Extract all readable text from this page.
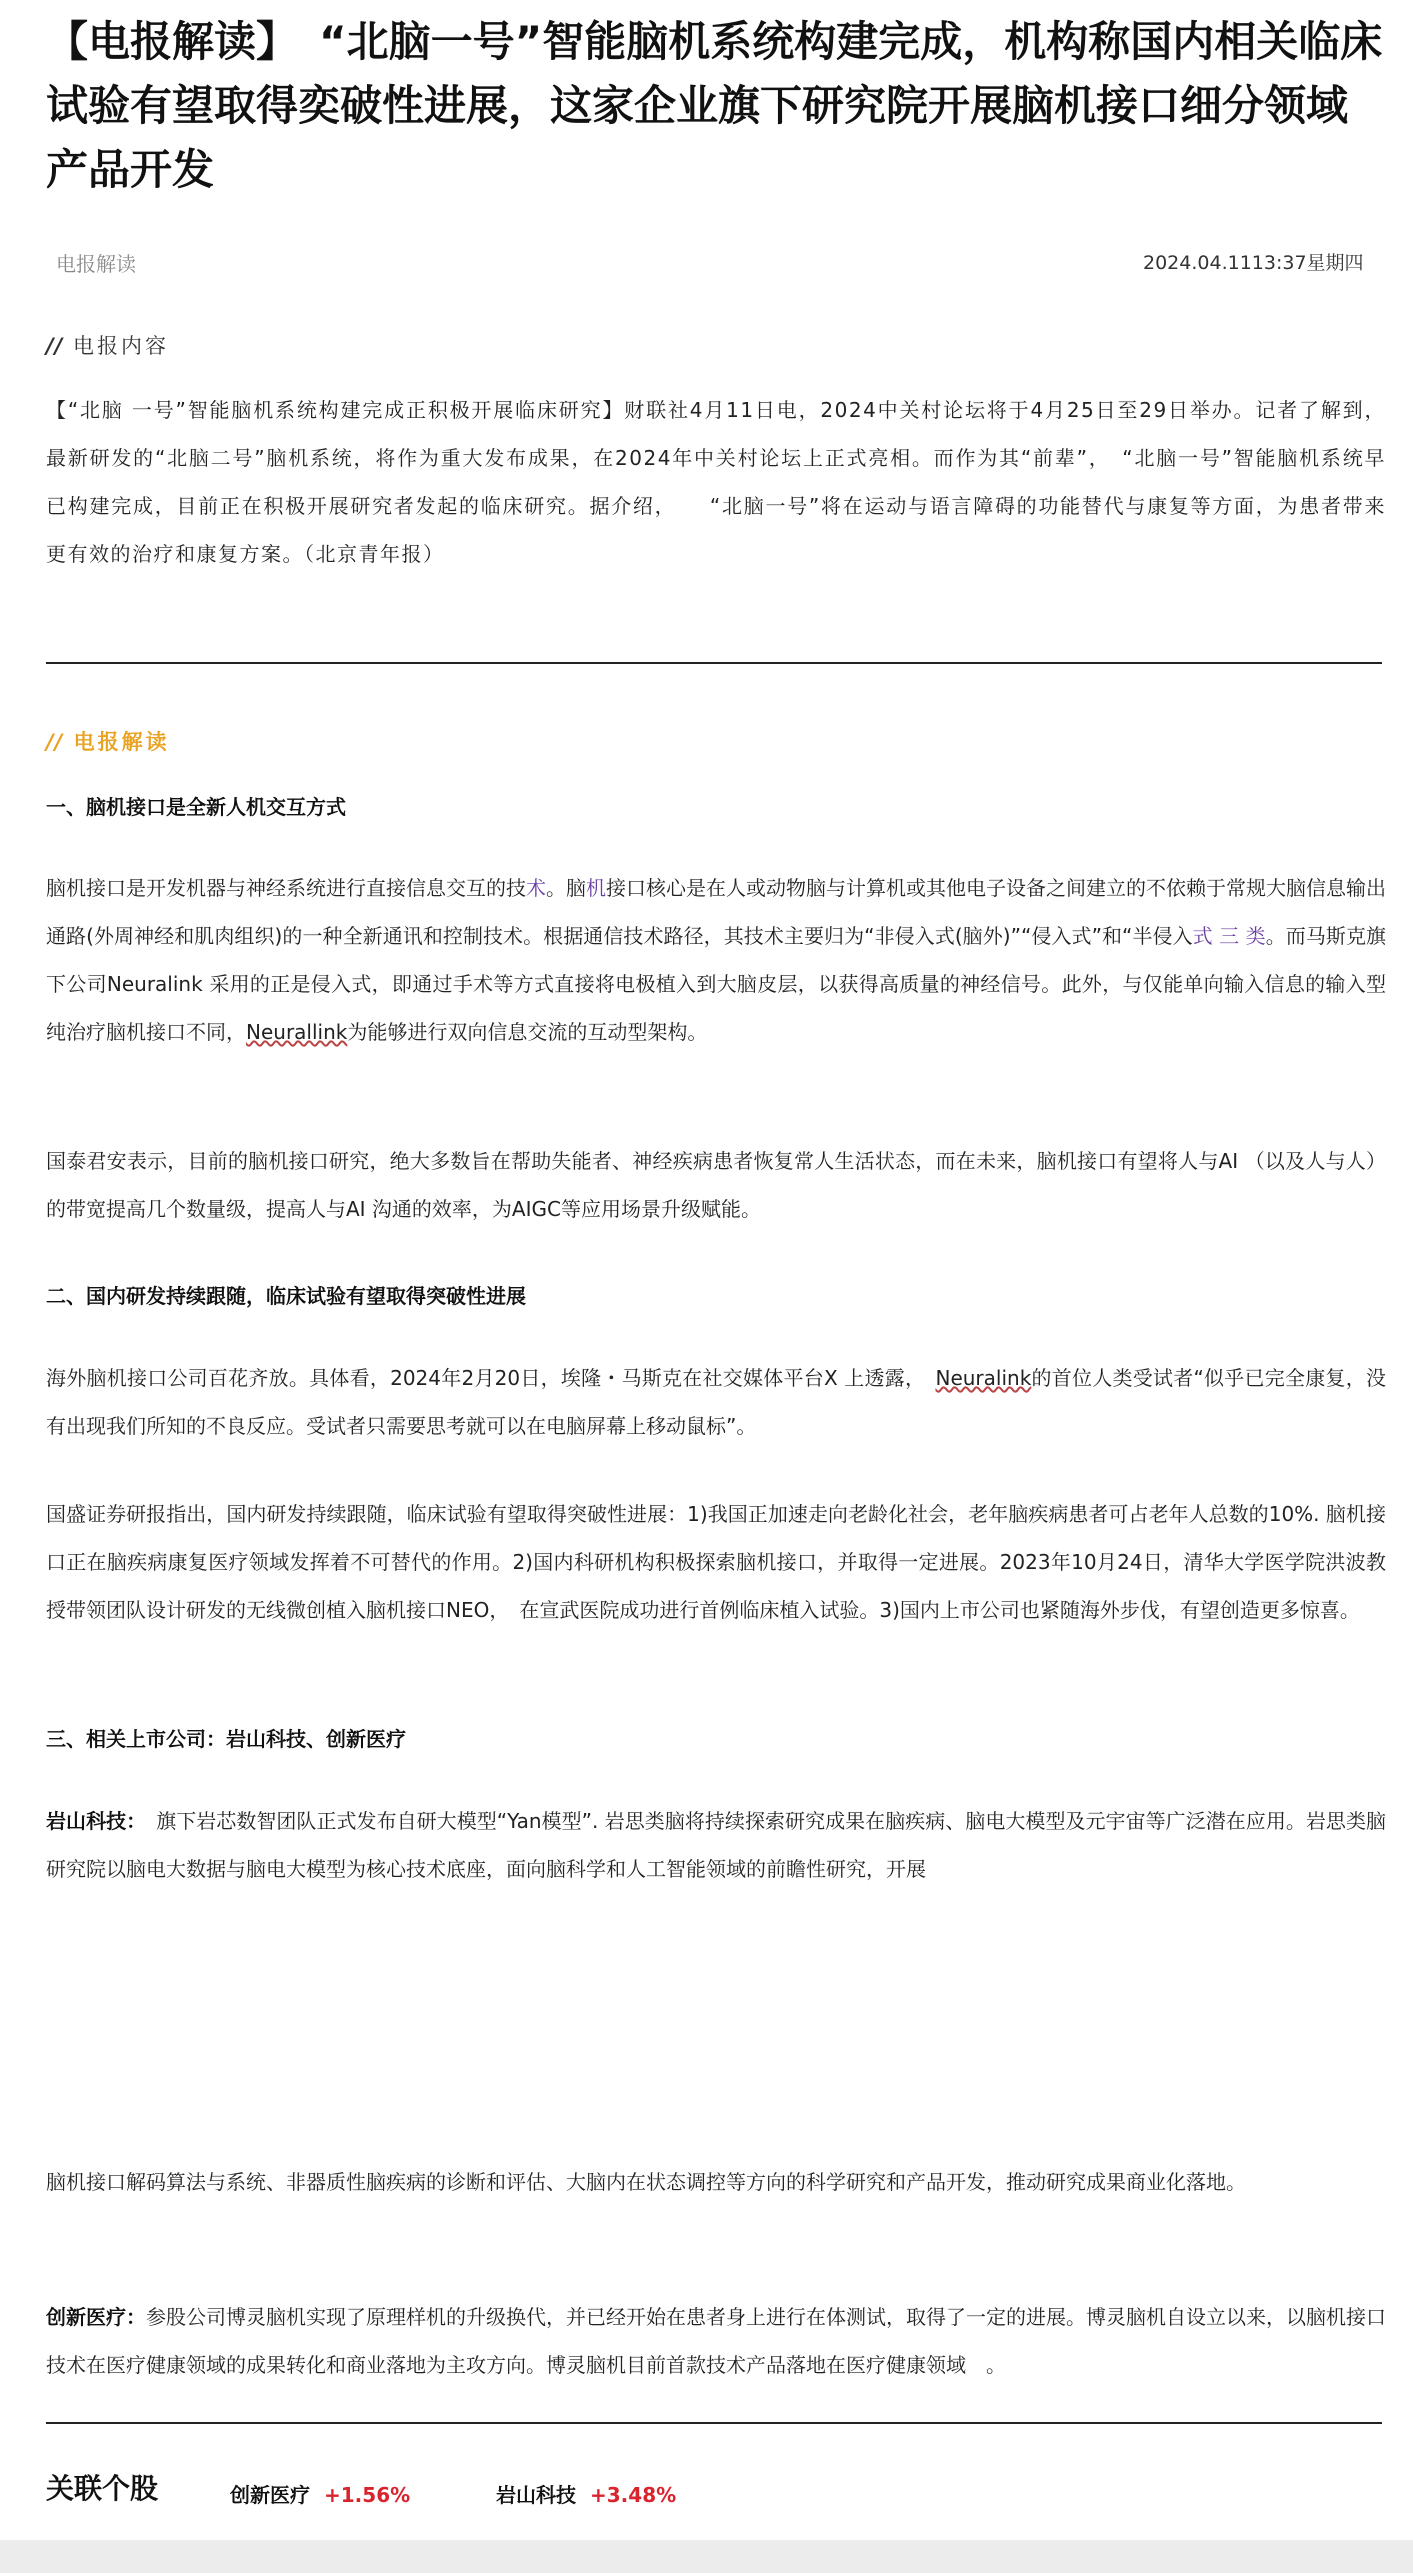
【电报解读】　“北脑一号”智能脑机系统构建完成，机构称国内相关临床试验有望取得奕破性进展，这家企业旗下研究院开展脑机接口细分领域产品开发
电报解读	2024.04.1113:37星期四
// 电报内容
【“北脑 一号”智能脑机系统构建完成正积极开展临床研究】财联社4月11日电，2024中关村论坛将于4月25日至29日举办。记者了解到，最新研发的“北脑二号”脑机系统，将作为重大发布成果，在2024年中关村论坛上正式亮相。而作为其“前辈”，　“北脑一号”智能脑机系统早已构建完成，目前正在积极开展研究者发起的临床研究。据介绍，　　“北脑一号”将在运动与语言障碍的功能替代与康复等方面，为患者带来更有效的治疗和康复方案。（北京青年报）
// 电报解读
一、脑机接口是全新人机交互方式
脑机接口是开发机器与神经系统进行直接信息交互的技术。脑机接口核心是在人或动物脑与计算机或其他电子设备之间建立的不依赖于常规大脑信息输出通路(外周神经和肌肉组织)的一种全新通讯和控制技术。根据通信技术路径，其技术主要归为“非侵入式(脑外)”“侵入式”和“半侵入式 三 类。而马斯克旗下公司Neuralink 采用的正是侵入式，即通过手术等方式直接将电极植入到大脑皮层，以获得高质量的神经信号。此外，与仅能单向输入信息的输入型纯治疗脑机接口不同，Neurallink为能够进行双向信息交流的互动型架构。
国泰君安表示，目前的脑机接口研究，绝大多数旨在帮助失能者、神经疾病患者恢复常人生活状态，而在未来，脑机接口有望将人与AI （以及人与人）的带宽提高几个数量级，提高人与AI 沟通的效率，为AIGC等应用场景升级赋能。
二、国内研发持续跟随，临床试验有望取得突破性进展
海外脑机接口公司百花齐放。具体看，2024年2月20日，埃隆・马斯克在社交媒体平台X 上透露，　Neuralink的首位人类受试者“似乎已完全康复，没有出现我们所知的不良反应。受试者只需要思考就可以在电脑屏幕上移动鼠标”。
国盛证券研报指出，国内研发持续跟随，临床试验有望取得突破性进展：1)我国正加速走向老龄化社会，老年脑疾病患者可占老年人总数的10%. 脑机接口正在脑疾病康复医疗领域发挥着不可替代的作用。2)国内科研机构积极探索脑机接口，并取得一定进展。2023年10月24日，清华大学医学院洪波教授带领团队设计研发的无线微创植入脑机接口NEO，　在宣武医院成功进行首例临床植入试验。3)国内上市公司也紧随海外步伐，有望创造更多惊喜。
三、相关上市公司：岩山科技、创新医疗
岩山科技：　旗下岩芯数智团队正式发布自研大模型“Yan模型”. 岩思类脑将持续探索研究成果在脑疾病、脑电大模型及元宇宙等广泛潜在应用。岩思类脑研究院以脑电大数据与脑电大模型为核心技术底座，面向脑科学和人工智能领域的前瞻性研究，开展
脑机接口解码算法与系统、非器质性脑疾病的诊断和评估、大脑内在状态调控等方向的科学研究和产品开发，推动研究成果商业化落地。
创新医疗：参股公司博灵脑机实现了原理样机的升级换代，并已经开始在患者身上进行在体测试，取得了一定的进展。博灵脑机自设立以来，以脑机接口技术在医疗健康领域的成果转化和商业落地为主攻方向。博灵脑机目前首款技术产品落地在医疗健康领域　。
关联个股	创新医疗 +1.56%	岩山科技 +3.48%
